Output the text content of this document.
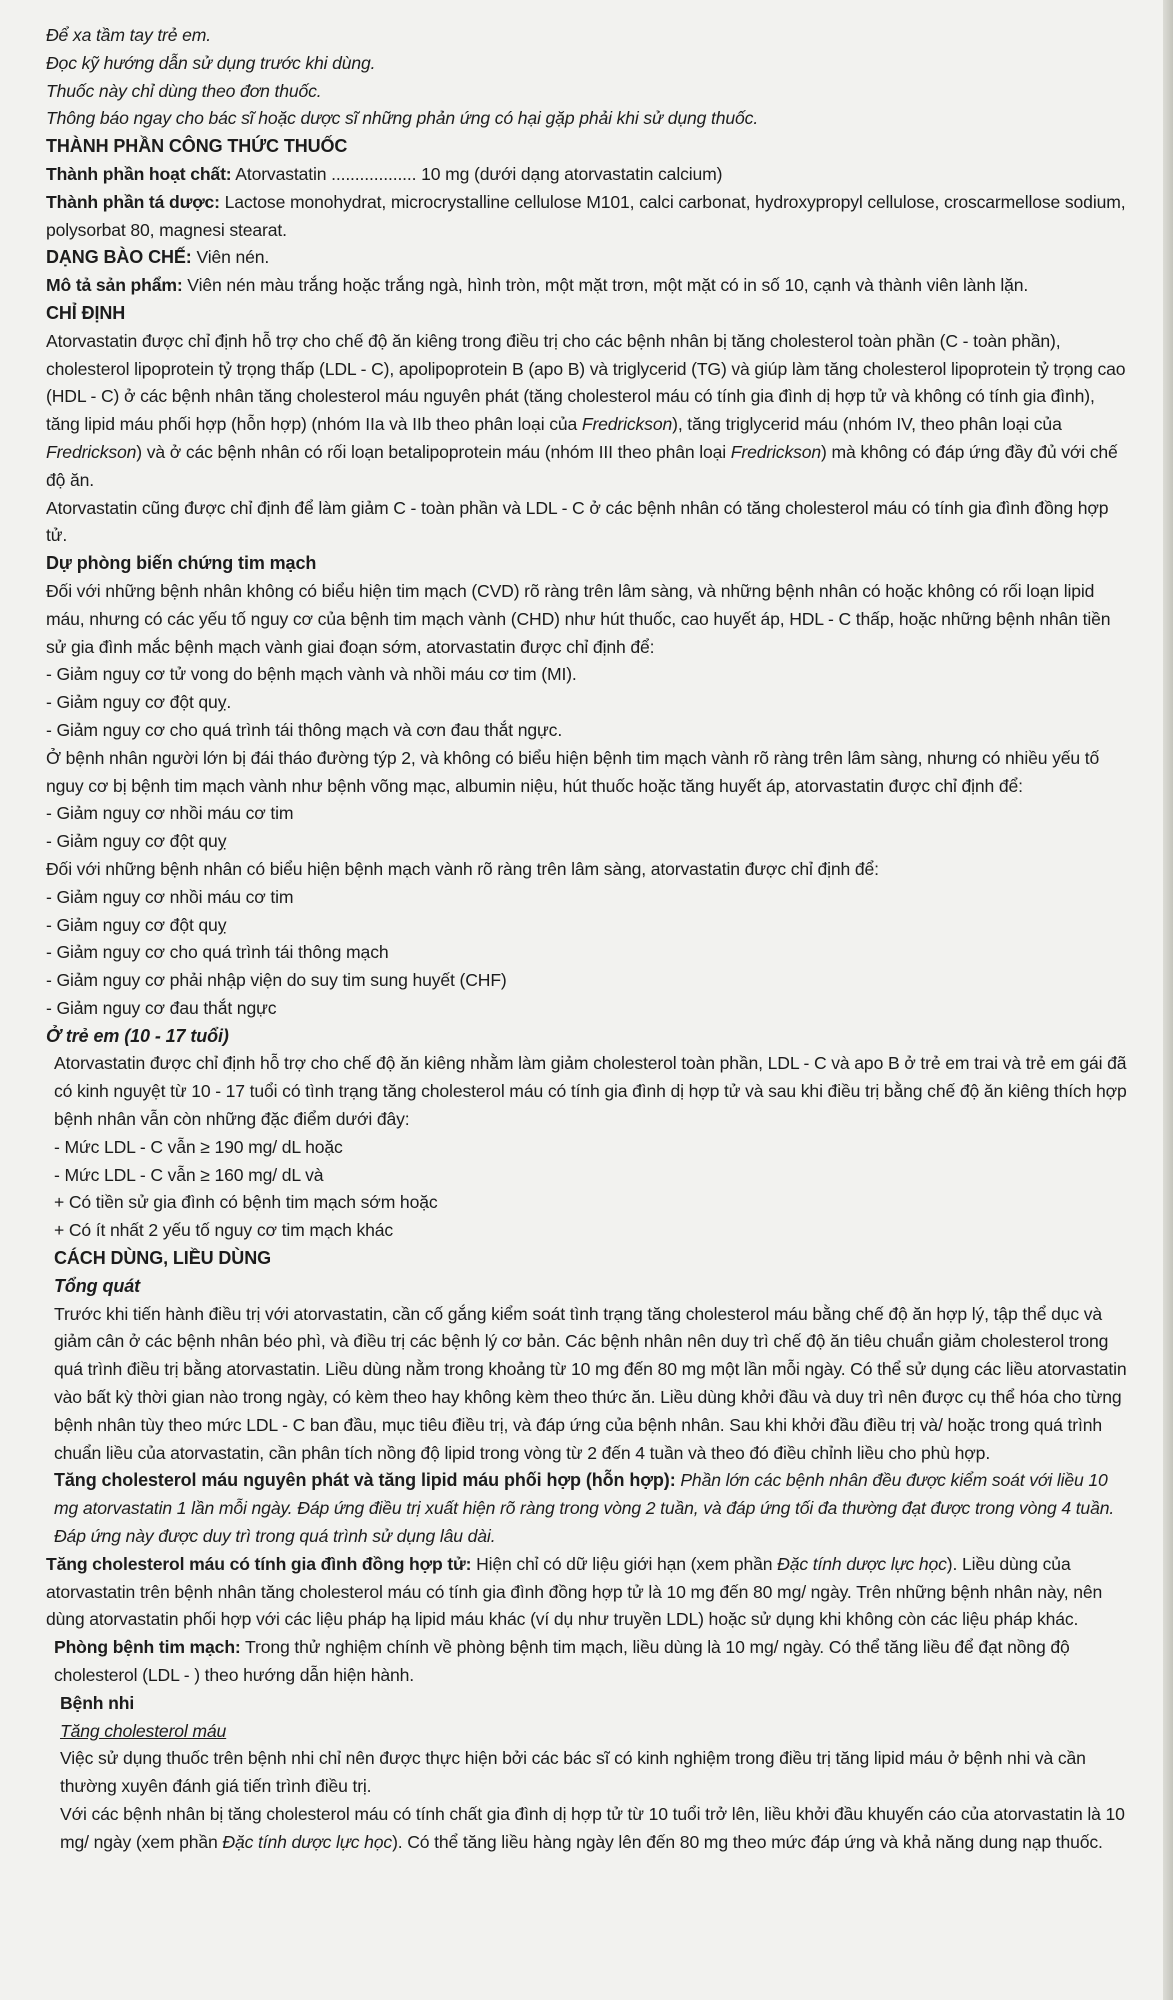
Để xa tầm tay trẻ em.

Đọc kỹ hướng dẫn sử dụng trước khi dùng.

Thuốc này chỉ dùng theo đơn thuốc.

Thông báo ngay cho bác sĩ hoặc dược sĩ những phản ứng có hại gặp phải khi sử dụng thuốc.

THÀNH PHẦN CÔNG THỨC THUỐC

Thành phần hoạt chất: Atorvastatin .................. 10 mg (dưới dạng atorvastatin calcium)

Thành phần tá dược: Lactose monohydrat, microcrystalline cellulose M101, calci carbonat, hydroxypropyl cellulose, croscarmellose sodium, polysorbat 80, magnesi stearat.

DẠNG BÀO CHẾ: Viên nén.

Mô tả sản phẩm: Viên nén màu trắng hoặc trắng ngà, hình tròn, một mặt trơn, một mặt có in số 10, cạnh và thành viên lành lặn.

CHỈ ĐỊNH

Atorvastatin được chỉ định hỗ trợ cho chế độ ăn kiêng trong điều trị cho các bệnh nhân bị tăng cholesterol toàn phần (C - toàn phần), cholesterol lipoprotein tỷ trọng thấp (LDL - C), apolipoprotein B (apo B) và triglycerid (TG) và giúp làm tăng cholesterol lipoprotein tỷ trọng cao (HDL - C) ở các bệnh nhân tăng cholesterol máu nguyên phát (tăng cholesterol máu có tính gia đình dị hợp tử và không có tính gia đình), tăng lipid máu phối hợp (hỗn hợp) (nhóm IIa và IIb theo phân loại của Fredrickson), tăng triglycerid máu (nhóm IV, theo phân loại của Fredrickson) và ở các bệnh nhân có rối loạn betalipoprotein máu (nhóm III theo phân loại Fredrickson) mà không có đáp ứng đầy đủ với chế độ ăn.

Atorvastatin cũng được chỉ định để làm giảm C - toàn phần và LDL - C ở các bệnh nhân có tăng cholesterol máu có tính gia đình đồng hợp tử.

Dự phòng biến chứng tim mạch

Đối với những bệnh nhân không có biểu hiện tim mạch (CVD) rõ ràng trên lâm sàng, và những bệnh nhân có hoặc không có rối loạn lipid máu, nhưng có các yếu tố nguy cơ của bệnh tim mạch vành (CHD) như hút thuốc, cao huyết áp, HDL - C thấp, hoặc những bệnh nhân tiền sử gia đình mắc bệnh mạch vành giai đoạn sớm, atorvastatin được chỉ định để:

- Giảm nguy cơ tử vong do bệnh mạch vành và nhồi máu cơ tim (MI).

- Giảm nguy cơ đột quỵ.

- Giảm nguy cơ cho quá trình tái thông mạch và cơn đau thắt ngực.

Ở bệnh nhân người lớn bị đái tháo đường týp 2, và không có biểu hiện bệnh tim mạch vành rõ ràng trên lâm sàng, nhưng có nhiều yếu tố nguy cơ bị bệnh tim mạch vành như bệnh võng mạc, albumin niệu, hút thuốc hoặc tăng huyết áp, atorvastatin được chỉ định để:

- Giảm nguy cơ nhồi máu cơ tim

- Giảm nguy cơ đột quỵ

Đối với những bệnh nhân có biểu hiện bệnh mạch vành rõ ràng trên lâm sàng, atorvastatin được chỉ định để:

- Giảm nguy cơ nhồi máu cơ tim

- Giảm nguy cơ đột quỵ

- Giảm nguy cơ cho quá trình tái thông mạch

- Giảm nguy cơ phải nhập viện do suy tim sung huyết (CHF)

- Giảm nguy cơ đau thắt ngực

Ở trẻ em (10 - 17 tuổi)

Atorvastatin được chỉ định hỗ trợ cho chế độ ăn kiêng nhằm làm giảm cholesterol toàn phần, LDL - C và apo B ở trẻ em trai và trẻ em gái đã có kinh nguyệt từ 10 - 17 tuổi có tình trạng tăng cholesterol máu có tính gia đình dị hợp tử và sau khi điều trị bằng chế độ ăn kiêng thích hợp bệnh nhân vẫn còn những đặc điểm dưới đây:

- Mức LDL - C vẫn ≥ 190 mg/ dL hoặc

- Mức LDL - C vẫn ≥ 160 mg/ dL và

+ Có tiền sử gia đình có bệnh tim mạch sớm hoặc

+ Có ít nhất 2 yếu tố nguy cơ tim mạch khác

CÁCH DÙNG, LIỀU DÙNG

Tổng quát

Trước khi tiến hành điều trị với atorvastatin, cần cố gắng kiểm soát tình trạng tăng cholesterol máu bằng chế độ ăn hợp lý, tập thể dục và giảm cân ở các bệnh nhân béo phì, và điều trị các bệnh lý cơ bản. Các bệnh nhân nên duy trì chế độ ăn tiêu chuẩn giảm cholesterol trong quá trình điều trị bằng atorvastatin. Liều dùng nằm trong khoảng từ 10 mg đến 80 mg một lần mỗi ngày. Có thể sử dụng các liều atorvastatin vào bất kỳ thời gian nào trong ngày, có kèm theo hay không kèm theo thức ăn. Liều dùng khởi đầu và duy trì nên được cụ thể hóa cho từng bệnh nhân tùy theo mức LDL - C ban đầu, mục tiêu điều trị, và đáp ứng của bệnh nhân. Sau khi khởi đầu điều trị và/ hoặc trong quá trình chuẩn liều của atorvastatin, cần phân tích nồng độ lipid trong vòng từ 2 đến 4 tuần và theo đó điều chỉnh liều cho phù hợp.

Tăng cholesterol máu nguyên phát và tăng lipid máu phối hợp (hỗn hợp): Phần lớn các bệnh nhân đều được kiểm soát với liều 10 mg atorvastatin 1 lần mỗi ngày. Đáp ứng điều trị xuất hiện rõ ràng trong vòng 2 tuần, và đáp ứng tối đa thường đạt được trong vòng 4 tuần. Đáp ứng này được duy trì trong quá trình sử dụng lâu dài.

Tăng cholesterol máu có tính gia đình đồng hợp tử: Hiện chỉ có dữ liệu giới hạn (xem phần Đặc tính dược lực học). Liều dùng của atorvastatin trên bệnh nhân tăng cholesterol máu có tính gia đình đồng hợp tử là 10 mg đến 80 mg/ ngày. Trên những bệnh nhân này, nên dùng atorvastatin phối hợp với các liệu pháp hạ lipid máu khác (ví dụ như truyền LDL) hoặc sử dụng khi không còn các liệu pháp khác.

Phòng bệnh tim mạch: Trong thử nghiệm chính về phòng bệnh tim mạch, liều dùng là 10 mg/ ngày. Có thể tăng liều để đạt nồng độ cholesterol (LDL - ) theo hướng dẫn hiện hành.

Bệnh nhi

Tăng cholesterol máu

Việc sử dụng thuốc trên bệnh nhi chỉ nên được thực hiện bởi các bác sĩ có kinh nghiệm trong điều trị tăng lipid máu ở bệnh nhi và cần thường xuyên đánh giá tiến trình điều trị.

Với các bệnh nhân bị tăng cholesterol máu có tính chất gia đình dị hợp tử từ 10 tuổi trở lên, liều khởi đầu khuyến cáo của atorvastatin là 10 mg/ ngày (xem phần Đặc tính dược lực học). Có thể tăng liều hàng ngày lên đến 80 mg theo mức đáp ứng và khả năng dung nạp thuốc.
